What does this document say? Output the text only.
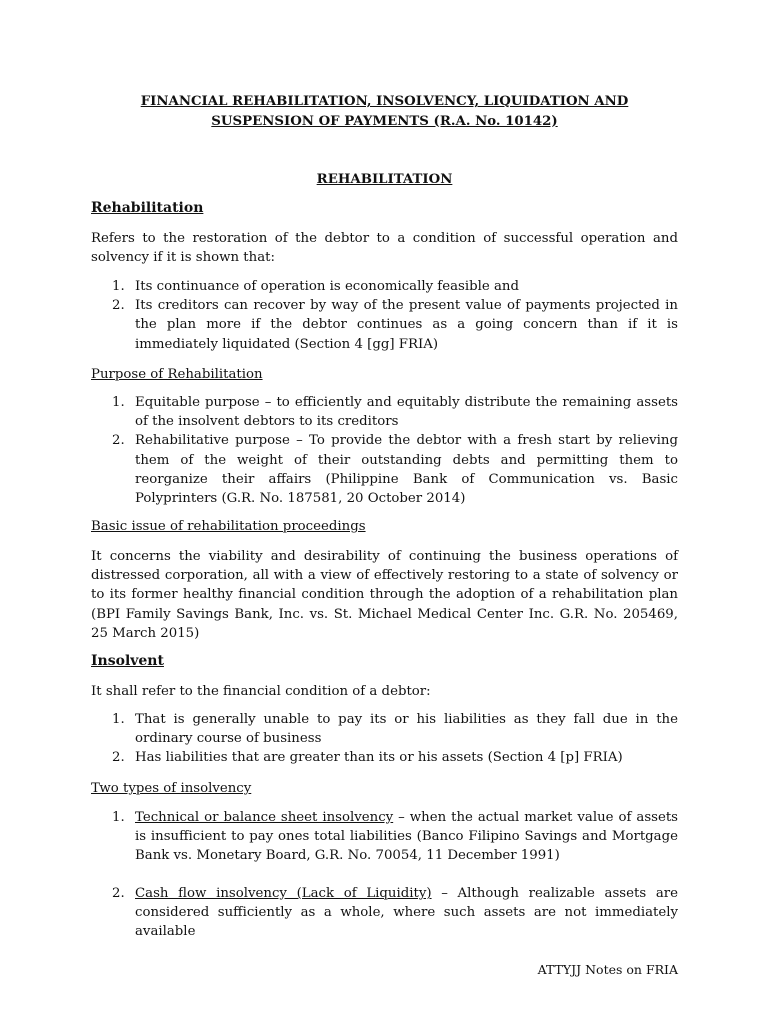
FINANCIAL REHABILITATION, INSOLVENCY, LIQUIDATION AND
SUSPENSION OF PAYMENTS (R.A. No. 10142)
REHABILITATION
Rehabilitation

Refers to the restoration of the debtor to a condition of successful operation and solvency if it is shown that:

1. Its continuance of operation is economically feasible and
2. Its creditors can recover by way of the present value of payments projected in the plan more if the debtor continues as a going concern than if it is immediately liquidated (Section 4 [gg] FRIA)
Purpose of Rehabilitation
1. Equitable purpose – to efficiently and equitably distribute the remaining assets of the insolvent debtors to its creditors
2. Rehabilitative purpose – To provide the debtor with a fresh start by relieving them of the weight of their outstanding debts and permitting them to reorganize their affairs (Philippine Bank of Communication vs. Basic Polyprinters (G.R. No. 187581, 20 October 2014)
Basic issue of rehabilitation proceedings

It concerns the viability and desirability of continuing the business operations of distressed corporation, all with a view of effectively restoring to a state of solvency or to its former healthy financial condition through the adoption of a rehabilitation plan (BPI Family Savings Bank, Inc. vs. St. Michael Medical Center Inc. G.R. No. 205469, 25 March 2015)

Insolvent

It shall refer to the financial condition of a debtor:

1. That is generally unable to pay its or his liabilities as they fall due in the ordinary course of business
2. Has liabilities that are greater than its or his assets (Section 4 [p] FRIA)
Two types of insolvency
1. Technical or balance sheet insolvency – when the actual market value of assets is insufficient to pay ones total liabilities (Banco Filipino Savings and Mortgage Bank vs. Monetary Board, G.R. No. 70054, 11 December 1991)
2. Cash flow insolvency (Lack of Liquidity) – Although realizable assets are considered sufficiently as a whole, where such assets are not immediately available
ATTYJJ Notes on FRIA
